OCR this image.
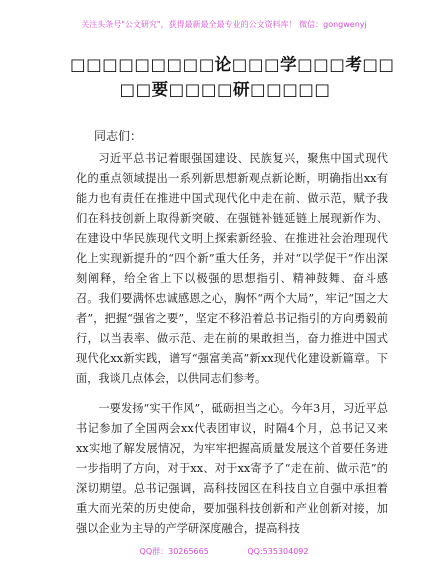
关注头条号"公文研究"，获得最新最全最专业的公文资料库！ 微信：gongwenyj
□□□□□□□□□论□□□学□□□考□□
□□要□□□□研□□□□□
同志们：

习近平总书记着眼强国建设、民族复兴，聚焦中国式现代化的重点领域提出一系列新思想新观点新论断，明确指出xx有能力也有责任在推进中国式现代化中走在前、做示范，赋予我们在科技创新上取得新突破、在强链补链延链上展现新作为、在建设中华民族现代文明上探索新经验、在推进社会治理现代化上实现新提升的“四个新”重大任务，并对“以学促干”作出深刻阐释，给全省上下以极强的思想指引、精神鼓舞、奋斗感召。我们要满怀忠诚感恩之心，胸怀“两个大局”，牢记“国之大者”，把握“强省之要”，坚定不移沿着总书记指引的方向勇毅前行，以当表率、做示范、走在前的果敢担当，奋力推进中国式现代化xx新实践，谱写“强富美高”新xx现代化建设新篇章。下面，我谈几点体会，以供同志们参考。

一要发扬“实干作风”，砥砺担当之心。今年3月，习近平总书记参加了全国两会xx代表团审议，时隔4个月，总书记又来xx实地了解发展情况，为牢牢把握高质量发展这个首要任务进一步指明了方向，对于xx、对于xx寄予了“走在前、做示范”的深切期望。总书记强调，高科技园区在科技自立自强中承担着重大而光荣的历史使命，要加强科技创新和产业创新对接，加强以企业为主导的产学研深度融合，提高科技

QQ群：30265665	QQ:535304092
